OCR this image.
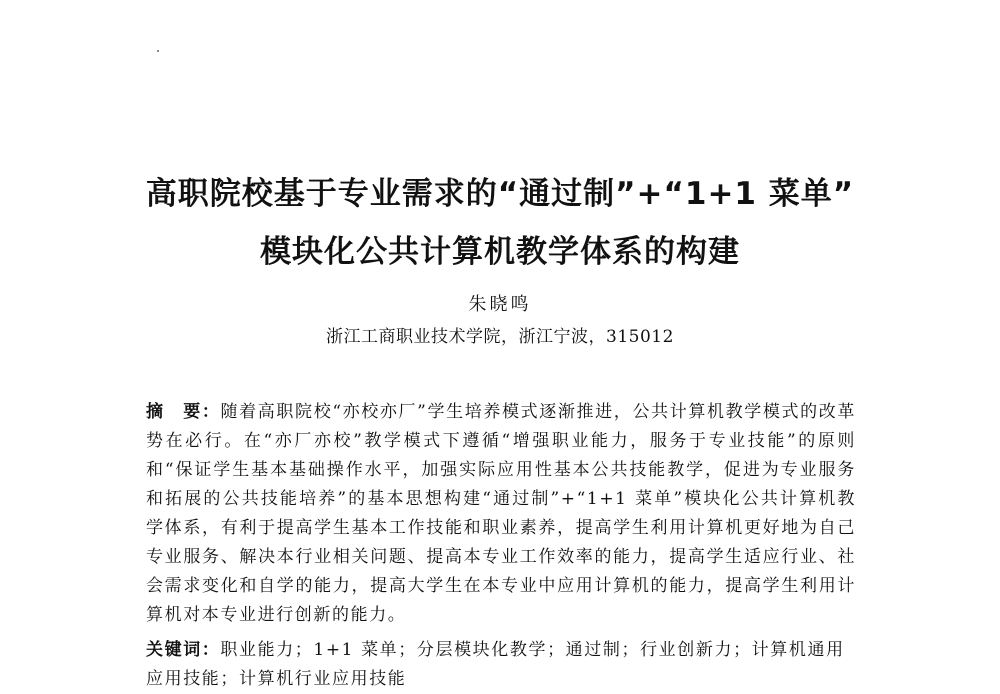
高职院校基于专业需求的“通过制”+“1+1 菜单”
模块化公共计算机教学体系的构建
朱晓鸣
浙江工商职业技术学院，浙江宁波，315012
摘　要：随着高职院校“亦校亦厂”学生培养模式逐渐推进，公共计算机教学模式的改革势在必行。在“亦厂亦校”教学模式下遵循“增强职业能力，服务于专业技能”的原则和“保证学生基本基础操作水平，加强实际应用性基本公共技能教学，促进为专业服务和拓展的公共技能培养”的基本思想构建“通过制”+“1+1 菜单”模块化公共计算机教学体系，有利于提高学生基本工作技能和职业素养，提高学生利用计算机更好地为自己专业服务、解决本行业相关问题、提高本专业工作效率的能力，提高学生适应行业、社会需求变化和自学的能力，提高大学生在本专业中应用计算机的能力，提高学生利用计算机对本专业进行创新的能力。
关键词：职业能力；1+1 菜单；分层模块化教学；通过制；行业创新力；计算机通用应用技能；计算机行业应用技能
